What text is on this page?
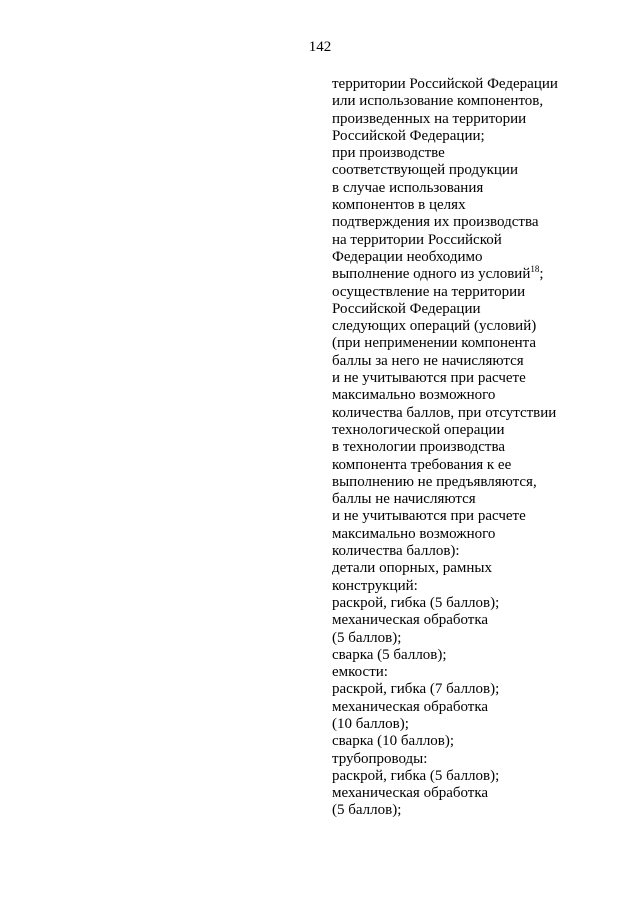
142
территории Российской Федерации
или использование компонентов,
произведенных на территории
Российской Федерации;
при производстве
соответствующей продукции
в случае использования
компонентов в целях
подтверждения их производства
на территории Российской
Федерации необходимо
выполнение одного из условий$^{18}$;
осуществление на территории
Российской Федерации
следующих операций (условий)
(при неприменении компонента
баллы за него не начисляются
и не учитываются при расчете
максимально возможного
количества баллов, при отсутствии
технологической операции
в технологии производства
компонента требования к ее
выполнению не предъявляются,
баллы не начисляются
и не учитываются при расчете
максимально возможного
количества баллов):
детали опорных, рамных
конструкций:
раскрой, гибка (5 баллов);
механическая обработка
(5 баллов);
сварка (5 баллов);
емкости:
раскрой, гибка (7 баллов);
механическая обработка
(10 баллов);
сварка (10 баллов);
трубопроводы:
раскрой, гибка (5 баллов);
механическая обработка
(5 баллов);
